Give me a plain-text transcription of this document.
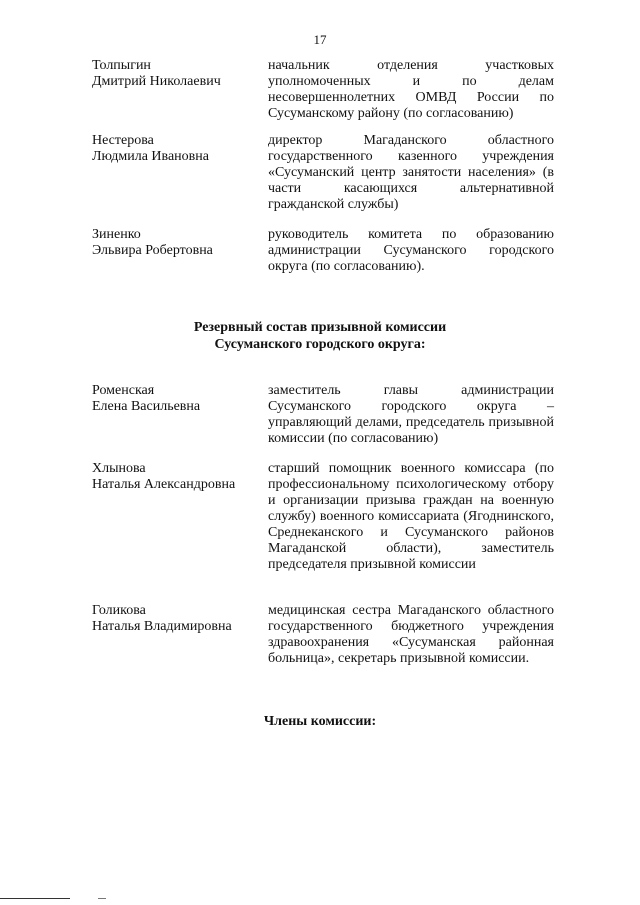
17
Толпыгин
Дмитрий Николаевич
начальник отделения участковых уполномоченных и по делам несовершеннолетних ОМВД России по Сусуманскому району (по согласованию)
Нестерова
Людмила Ивановна
директор Магаданского областного государственного казенного учреждения «Сусуманский центр занятости населения» (в части касающихся альтернативной гражданской службы)
Зиненко
Эльвира Робертовна
руководитель комитета по образованию администрации Сусуманского городского округа (по согласованию).
Резервный состав призывной комиссии
Сусуманского городского округа:
Роменская
Елена Васильевна
заместитель главы администрации Сусуманского городского округа – управляющий делами, председатель призывной комиссии (по согласованию)
Хлынова
Наталья Александровна
старший помощник военного комиссара (по профессиональному психологическому отбору и организации призыва граждан на военную службу) военного комиссариата (Ягоднинского, Среднеканского и Сусуманского районов Магаданской области), заместитель председателя призывной комиссии
Голикова
Наталья Владимировна
медицинская сестра Магаданского областного государственного бюджетного учреждения здравоохранения «Сусуманская районная больница», секретарь призывной комиссии.
Члены комиссии:
